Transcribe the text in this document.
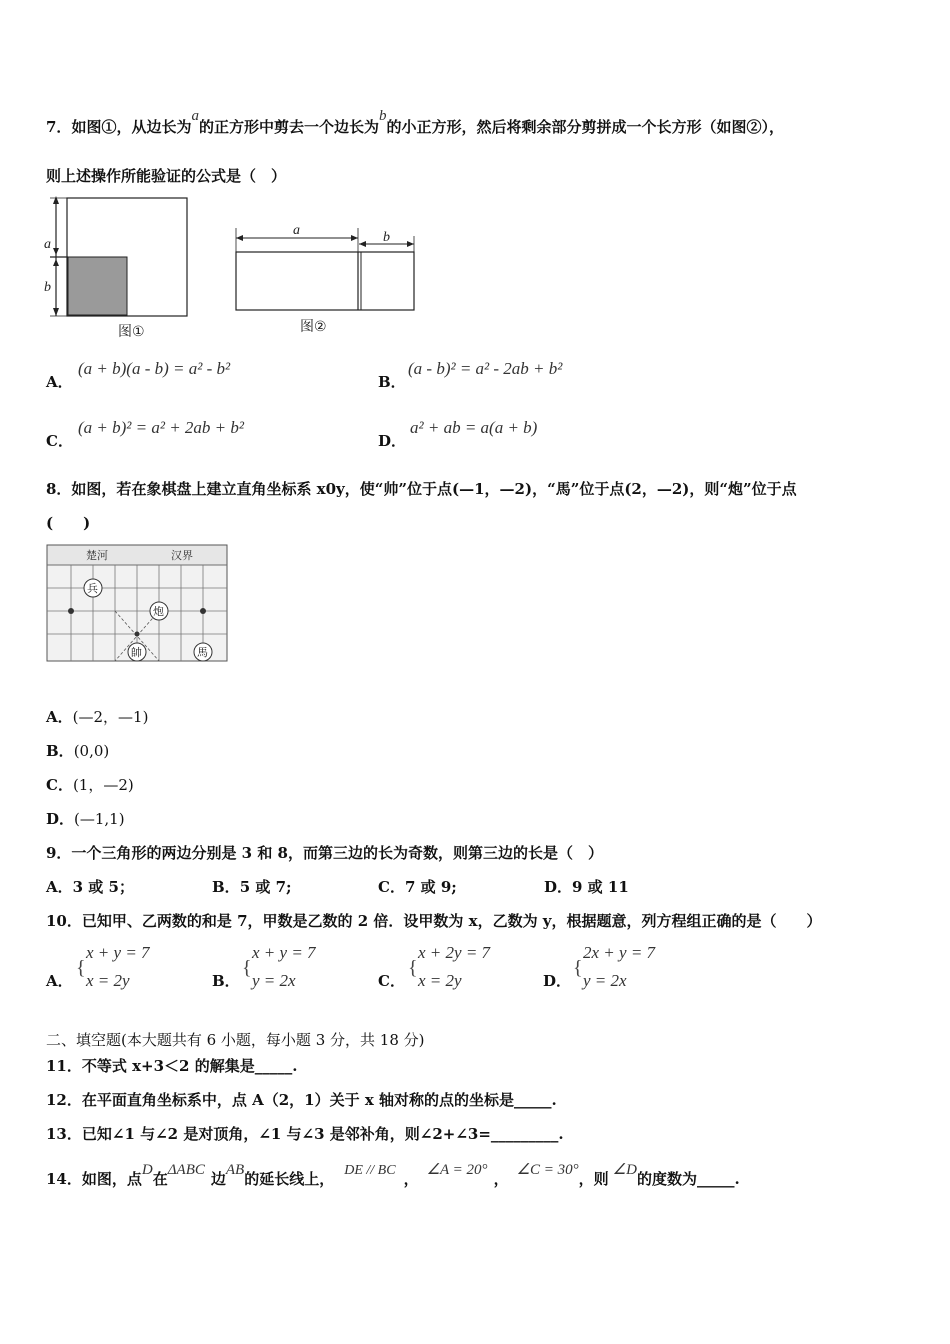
7．如图①，从边长为a的正方形中剪去一个边长为b的小正方形，然后将剩余部分剪拼成一个长方形（如图②），
则上述操作所能验证的公式是（　）
a
b
图①
a	b
图②
A．
(a + b)(a - b) = a² - b²
B．
(a - b)² = a² - 2ab + b²
C．
(a + b)² = a² + 2ab + b²
D．
a² + ab = a(a + b)
8．如图，若在象棋盘上建立直角坐标系 x0y，使“帅”位于点(—1，—2)，“馬”位于点(2，—2)，则“炮”位于点
(　　)
楚河	汉界
兵
炮
帥	馬
A．(—2，—1)
B．(0,0)
C．(1，—2)
D．(—1,1)
9．一个三角形的两边分别是 3 和 8，而第三边的长为奇数，则第三边的长是（　）
A．3 或 5；	B．5 或 7;	C．7 或 9;	D．9 或 11
10．已知甲、乙两数的和是 7，甲数是乙数的 2 倍．设甲数为 x，乙数为 y，根据题意，列方程组正确的是（　　）
A．
{
x + y = 7
x = 2y	B．
{
x + y = 7
y = 2x	C．
{
x + 2y = 7
x = 2y	D．
{
2x + y = 7
y = 2x
二、填空题(本大题共有 6 小题，每小题 3 分，共 18 分)
11．不等式 x+3＜2 的解集是_____.
12．在平面直角坐标系中，点 A（2，1）关于 x 轴对称的点的坐标是_____.
13．已知∠1 与∠2 是对顶角，∠1 与∠3 是邻补角，则∠2+∠3=_________.
14．如图，点D在ΔABC 边AB的延长线上， DE // BC ， ∠A = 20° ， ∠C = 30°，则 ∠D的度数为_____.
